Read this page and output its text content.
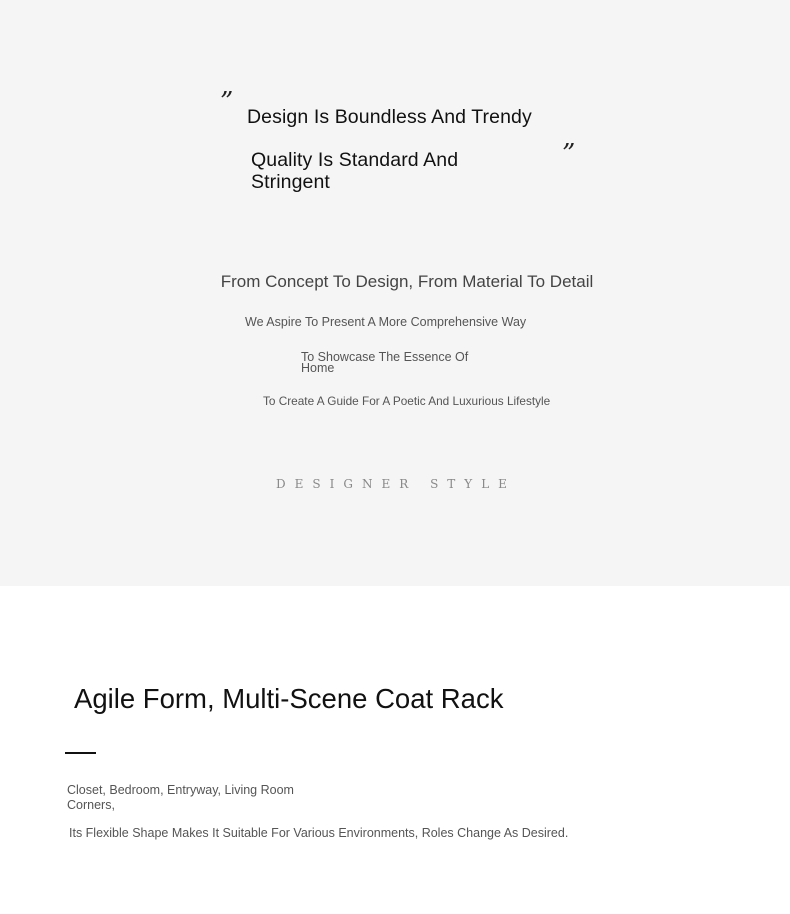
” Design Is Boundless And Trendy
Quality Is Standard And Stringent
”
From Concept To Design, From Material To Detail
We Aspire To Present A More Comprehensive Way
To Showcase The Essence Of Home
To Create A Guide For A Poetic And Luxurious Lifestyle
DESIGNER STYLE
Agile Form, Multi-Scene Coat Rack
Closet, Bedroom, Entryway, Living Room Corners,
Its Flexible Shape Makes It Suitable For Various Environments, Roles Change As Desired.
